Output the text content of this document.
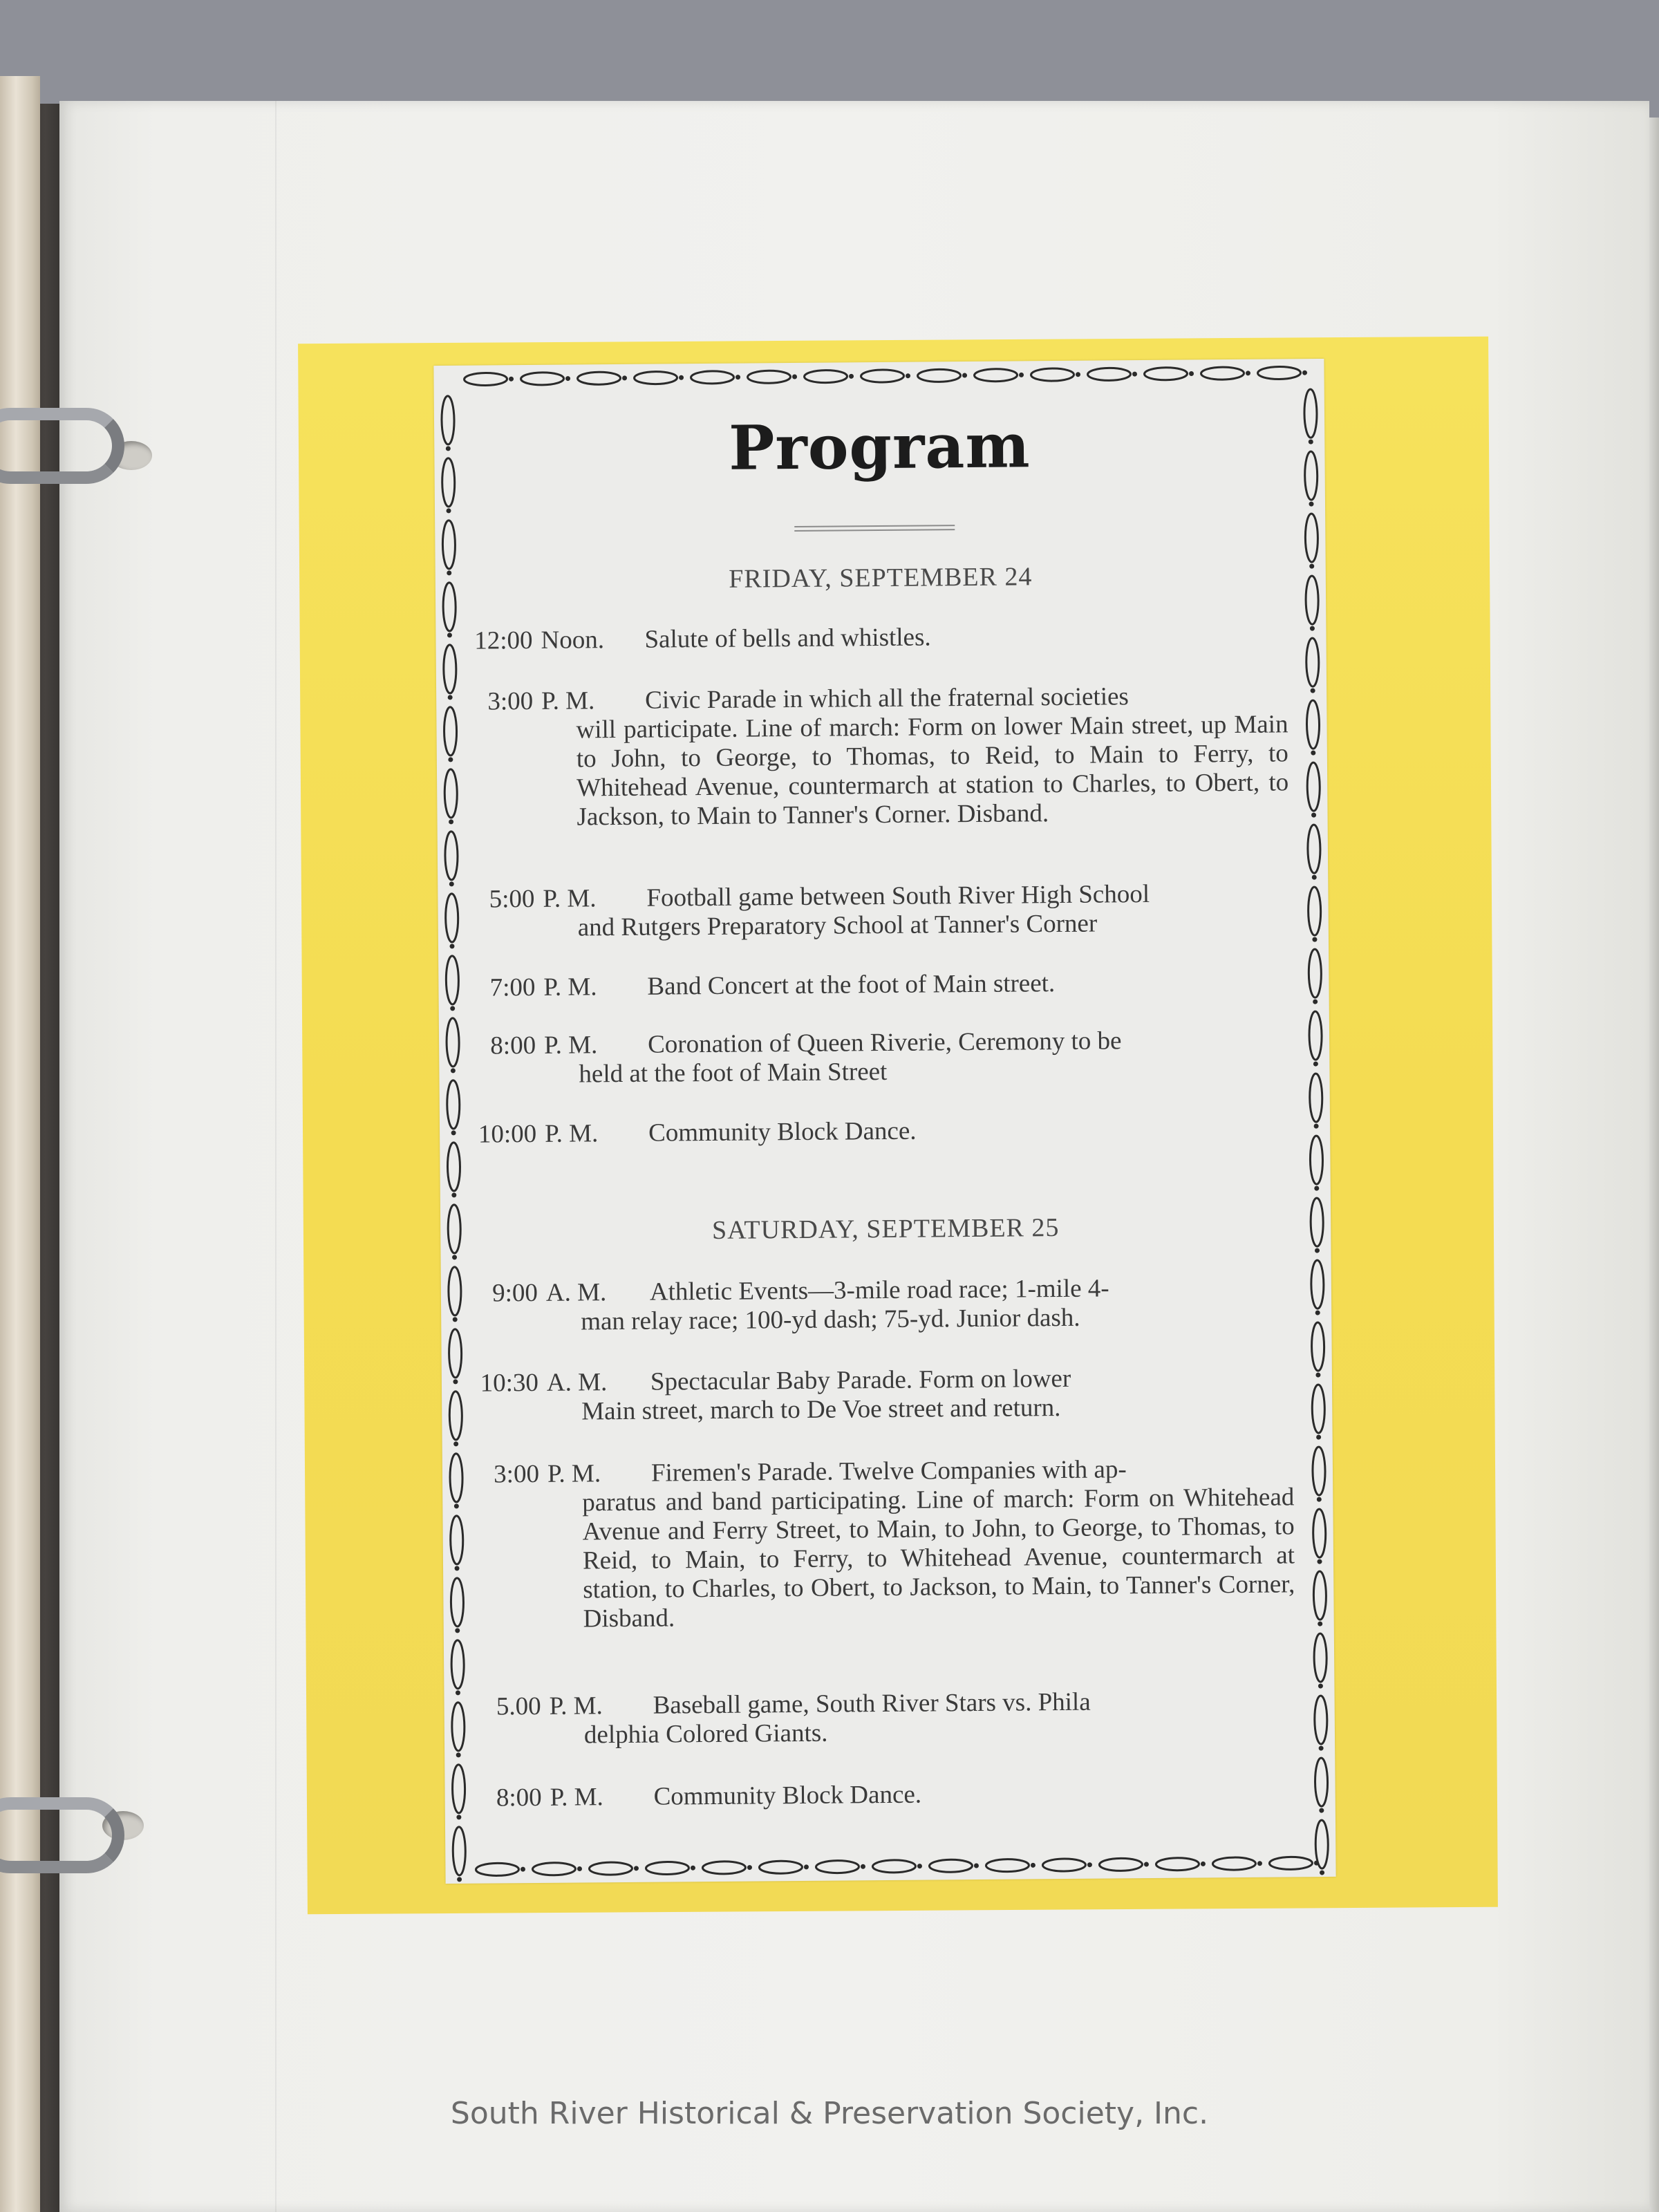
Program
FRIDAY, SEPTEMBER 24
12:00 Noon. Salute of bells and whistles.
3:00 P. M. Civic Parade in which all the fraternal societies
will participate. Line of march: Form on lower Main street, up Main to John, to George, to Thomas, to Reid, to Main to Ferry, to Whitehead Avenue, countermarch at station to Charles, to Obert, to Jackson, to Main to Tanner's Corner. Disband.
5:00 P. M. Football game between South River High School
and Rutgers Preparatory School at Tanner's Corner
7:00 P. M. Band Concert at the foot of Main street.
8:00 P. M. Coronation of Queen Riverie, Ceremony to be
held at the foot of Main Street
10:00 P. M. Community Block Dance.
SATURDAY, SEPTEMBER 25
9:00 A. M. Athletic Events—3-mile road race; 1-mile 4-
man relay race; 100-yd dash; 75-yd. Junior dash.
10:30 A. M. Spectacular Baby Parade. Form on lower
Main street, march to De Voe street and return.
3:00 P. M. Firemen's Parade. Twelve Companies with ap-
paratus and band participating. Line of march: Form on Whitehead Avenue and Ferry Street, to Main, to John, to George, to Thomas, to Reid, to Main, to Ferry, to Whitehead Avenue, countermarch at station, to Charles, to Obert, to Jackson, to Main, to Tanner's Corner, Disband.
5.00 P. M. Baseball game, South River Stars vs. Phila
delphia Colored Giants.
8:00 P. M. Community Block Dance.
South River Historical & Preservation Society, Inc.
